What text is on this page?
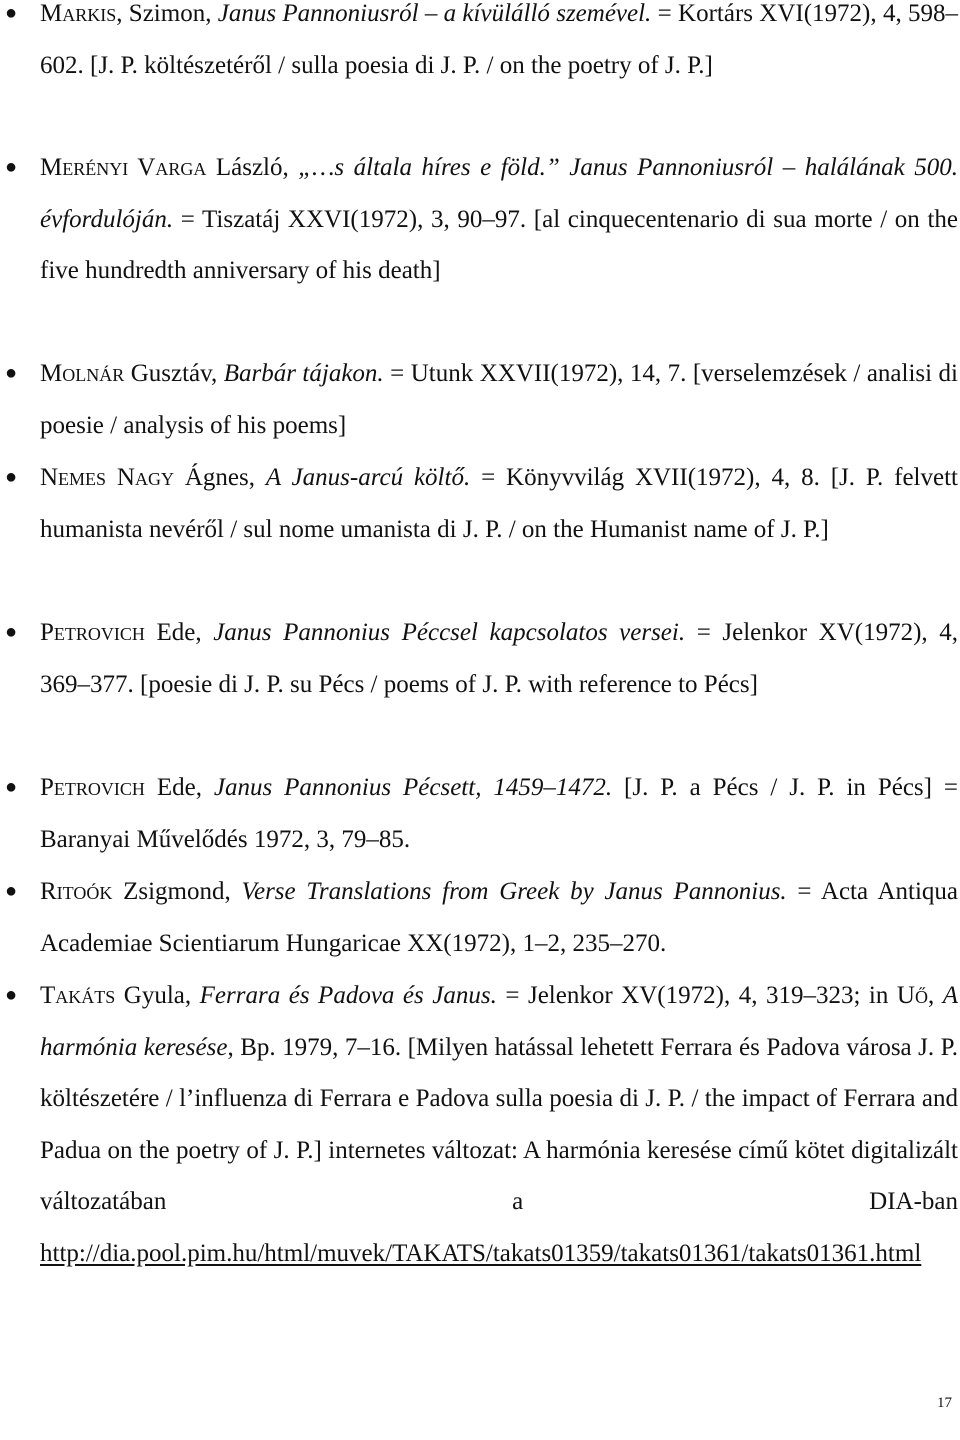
● Markis, Szimon, Janus Pannoniusról – a kívülálló szemével. = Kortárs XVI(1972), 4, 598–602. [J. P. költészetéről / sulla poesia di J. P. / on the poetry of J. P.]
● Merényi Varga László, „…s általa híres e föld.” Janus Pannoniusról – halálának 500. évfordulóján. = Tiszatáj XXVI(1972), 3, 90–97. [al cinquecentenario di sua morte / on the five hundredth anniversary of his death]
● Molnár Gusztáv, Barbár tájakon. = Utunk XXVII(1972), 14, 7. [verselemzések / analisi di poesie / analysis of his poems]
● Nemes Nagy Ágnes, A Janus-arcú költő. = Könyvvilág XVII(1972), 4, 8. [J. P. felvett humanista nevéről / sul nome umanista di J. P. / on the Humanist name of J. P.]
● Petrovich Ede, Janus Pannonius Péccsel kapcsolatos versei. = Jelenkor XV(1972), 4, 369–377. [poesie di J. P. su Pécs / poems of J. P. with reference to Pécs]
● Petrovich Ede, Janus Pannonius Pécsett, 1459–1472. [J. P. a Pécs / J. P. in Pécs] = Baranyai Művelődés 1972, 3, 79–85.
● Ritoók Zsigmond, Verse Translations from Greek by Janus Pannonius. = Acta Antiqua Academiae Scientiarum Hungaricae XX(1972), 1–2, 235–270.
● Takáts Gyula, Ferrara és Padova és Janus. = Jelenkor XV(1972), 4, 319–323; in Uő, A harmónia keresése, Bp. 1979, 7–16. [Milyen hatással lehetett Ferrara és Padova városa J. P. költészetére / l’influenza di Ferrara e Padova sulla poesia di J. P. / the impact of Ferrara and Padua on the poetry of J. P.] internetes változat: A harmónia keresése című kötet digitalizált változatában a DIA-ban http://dia.pool.pim.hu/html/muvek/TAKATS/takats01359/takats01361/takats01361.html
17
